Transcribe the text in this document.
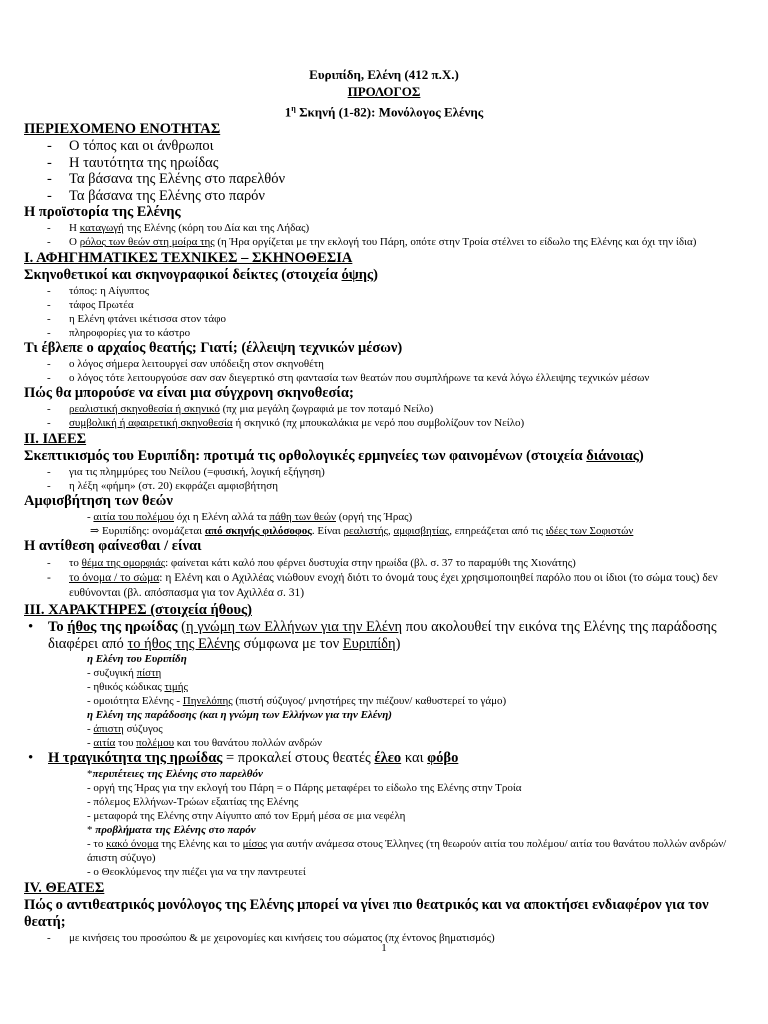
Ευριπίδη, Ελένη (412 π.Χ.)
ΠΡΟΛΟΓΟΣ
$1^\eta$ Σκηνή (1-82): Μονόλογος Ελένης
ΠΕΡΙΕΧΟΜΕΝΟ ΕΝΟΤΗΤΑΣ
- Ο τόπος και οι άνθρωποι
- Η ταυτότητα της ηρωίδας
- Τα βάσανα της Ελένης στο παρελθόν
- Τα βάσανα της Ελένης στο παρόν
Η προϊστορία της Ελένης
- Η καταγωγή της Ελένης (κόρη του Δία και της Λήδας)
- Ο ρόλος των θεών στη μοίρα της (η Ήρα οργίζεται με την εκλογή του Πάρη, οπότε στην Τροία στέλνει το είδωλο της Ελένης και όχι την ίδια)
Ι. ΑΦΗΓΗΜΑΤΙΚΕΣ ΤΕΧΝΙΚΕΣ – ΣΚΗΝΟΘΕΣΙΑ
Σκηνοθετικοί και σκηνογραφικοί δείκτες (στοιχεία όψης)
- τόπος: η Αίγυπτος
- τάφος Πρωτέα
- η Ελένη φτάνει ικέτισσα στον τάφο
- πληροφορίες για το κάστρο
Τι έβλεπε ο αρχαίος θεατής; Γιατί; (έλλειψη τεχνικών μέσων)
- ο λόγος σήμερα λειτουργεί σαν υπόδειξη στον σκηνοθέτη
- ο λόγος τότε λειτουργούσε σαν σαν διεγερτικό στη φαντασία των θεατών που συμπλήρωνε τα κενά λόγω έλλειψης τεχνικών μέσων
Πώς θα μπορούσε να είναι μια σύγχρονη σκηνοθεσία;
- ρεαλιστική σκηνοθεσία ή σκηνικό (πχ μια μεγάλη ζωγραφιά με τον ποταμό Νείλο)
- συμβολική ή αφαιρετική σκηνοθεσία ή σκηνικό (πχ μπουκαλάκια με νερό που συμβολίζουν τον Νείλο)
ΙΙ. ΙΔΕΕΣ
Σκεπτικισμός του Ευριπίδη: προτιμά τις ορθολογικές ερμηνείες των φαινομένων (στοιχεία διάνοιας)
- για τις πλημμύρες του Νείλου (=φυσική, λογική εξήγηση)
- η λέξη «φήμη» (στ. 20) εκφράζει αμφισβήτηση
Αμφισβήτηση των θεών
- αιτία του πολέμου όχι η Ελένη αλλά τα πάθη των θεών (οργή της Ήρας)
⇒ Ευριπίδης: ονομάζεται από σκηνής φιλόσοφος. Είναι ρεαλιστής, αμφισβητίας, επηρεάζεται από τις ιδέες των Σοφιστών
Η αντίθεση φαίνεσθαι / είναι
- το θέμα της ομορφιάς: φαίνεται κάτι καλό που φέρνει δυστυχία στην ηρωίδα (βλ. σ. 37 το παραμύθι της Χιονάτης)
- το όνομα / το σώμα: η Ελένη και ο Αχιλλέας νιώθουν ενοχή διότι το όνομά τους έχει χρησιμοποιηθεί παρόλο που οι ίδιοι (το σώμα τους) δεν ευθύνονται (βλ. απόσπασμα για τον Αχιλλέα σ. 31)
ΙΙΙ. ΧΑΡΑΚΤΗΡΕΣ (στοιχεία ήθους)
• Το ήθος της ηρωίδας (η γνώμη των Ελλήνων για την Ελένη που ακολουθεί την εικόνα της Ελένης της παράδοσης διαφέρει από το ήθος της Ελένης σύμφωνα με τον Ευριπίδη)
η Ελένη του Ευριπίδη
- συζυγική πίστη
- ηθικός κώδικας τιμής
- ομοιότητα Ελένης - Πηνελόπης (πιστή σύζυγος/ μνηστήρες την πιέζουν/ καθυστερεί το γάμο)
η Ελένη της παράδοσης (και η γνώμη των Ελλήνων για την Ελένη)
- άπιστη σύζυγος
- αιτία του πολέμου και του θανάτου πολλών ανδρών
• Η τραγικότητα της ηρωίδας = προκαλεί στους θεατές έλεο και φόβο
*περιπέτειες της Ελένης στο παρελθόν
- οργή της Ήρας για την εκλογή του Πάρη = ο Πάρης μεταφέρει το είδωλο της Ελένης στην Τροία
- πόλεμος Ελλήνων-Τρώων εξαιτίας της Ελένης
- μεταφορά της Ελένης στην Αίγυπτο από τον Ερμή μέσα σε μια νεφέλη
* προβλήματα της Ελένης στο παρόν
- το κακό όνομα της Ελένης και το μίσος για αυτήν ανάμεσα στους Έλληνες (τη θεωρούν αιτία του πολέμου/ αιτία του θανάτου πολλών ανδρών/ άπιστη σύζυγο)
- ο Θεοκλύμενος την πιέζει για να την παντρευτεί
ΙV. ΘΕΑΤΕΣ
Πώς ο αντιθεατρικός μονόλογος της Ελένης μπορεί να γίνει πιο θεατρικός και να αποκτήσει ενδιαφέρον για τον θεατή;
- με κινήσεις του προσώπου & με χειρονομίες και κινήσεις του σώματος (πχ έντονος βηματισμός)
1
